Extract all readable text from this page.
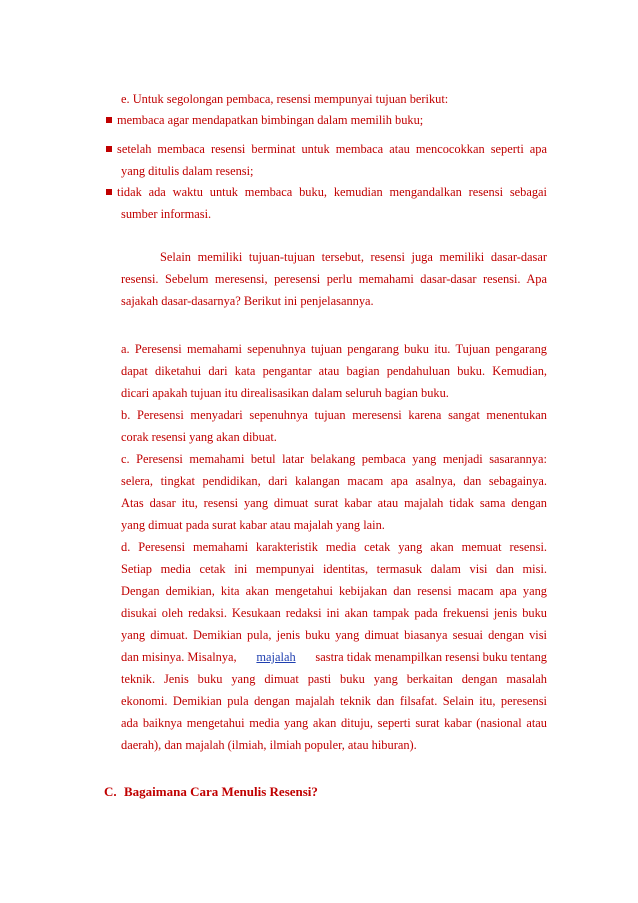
e. Untuk segolongan pembaca, resensi mempunyai tujuan berikut:
membaca agar mendapatkan bimbingan dalam memilih buku;
setelah membaca resensi berminat untuk membaca atau mencocokkan seperti apa
yang ditulis dalam resensi;
tidak ada waktu untuk membaca buku, kemudian mengandalkan resensi sebagai
sumber informasi.
Selain memiliki tujuan-tujuan tersebut, resensi juga memiliki dasar-dasar
resensi. Sebelum meresensi, peresensi perlu memahami dasar-dasar resensi. Apa
sajakah dasar-dasarnya? Berikut ini penjelasannya.
a. Peresensi memahami sepenuhnya tujuan pengarang buku itu. Tujuan pengarang
dapat diketahui dari kata pengantar atau bagian pendahuluan buku. Kemudian,
dicari apakah tujuan itu direalisasikan dalam seluruh bagian buku.
b. Peresensi menyadari sepenuhnya tujuan meresensi karena sangat menentukan
corak resensi yang akan dibuat.
c. Peresensi memahami betul latar belakang pembaca yang menjadi sasarannya:
selera, tingkat pendidikan, dari kalangan macam apa asalnya, dan sebagainya.
Atas dasar itu, resensi yang dimuat surat kabar atau majalah tidak sama dengan
yang dimuat pada surat kabar atau majalah yang lain.
d. Peresensi memahami karakteristik media cetak yang akan memuat resensi.
Setiap media cetak ini mempunyai identitas, termasuk dalam visi dan misi.
Dengan demikian, kita akan mengetahui kebijakan dan resensi macam apa yang
disukai oleh redaksi. Kesukaan redaksi ini akan tampak pada frekuensi jenis buku
yang dimuat. Demikian pula, jenis buku yang dimuat biasanya sesuai dengan visi
dan misinya. Misalnya, majalah sastra tidak menampilkan resensi buku tentang
teknik. Jenis buku yang dimuat pasti buku yang berkaitan dengan masalah
ekonomi. Demikian pula dengan majalah teknik dan filsafat. Selain itu, peresensi
ada baiknya mengetahui media yang akan dituju, seperti surat kabar (nasional atau
daerah), dan majalah (ilmiah, ilmiah populer, atau hiburan).
C. Bagaimana Cara Menulis Resensi?
